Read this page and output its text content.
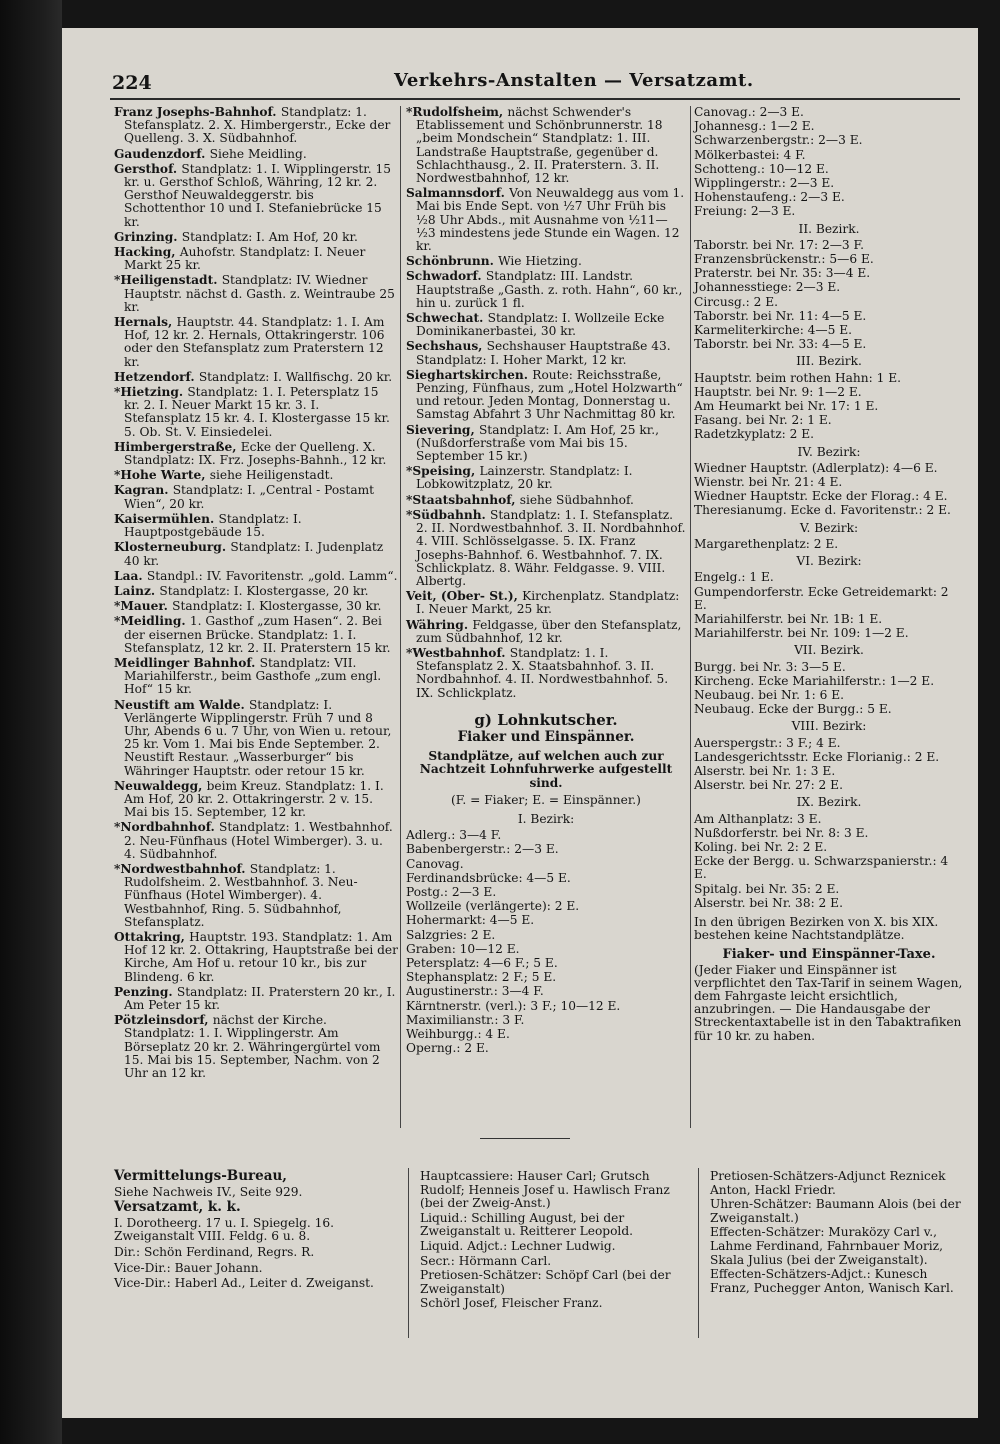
224	Verkehrs-Anstalten — Versatzamt.
Franz Josephs-Bahnhof. Standplatz: 1. Stefansplatz. 2. X. Himbergerstr., Ecke der Quelleng. 3. X. Südbahnhof.
Gaudenzdorf. Siehe Meidling.
Gersthof. Standplatz: 1. I. Wipplingerstr. 15 kr. u. Gersthof Schloß, Währing, 12 kr. 2. Gersthof Neuwaldeggerstr. bis Schottenthor 10 und I. Stefaniebrücke 15 kr.
Grinzing. Standplatz: I. Am Hof, 20 kr.
Hacking, Auhofstr. Standplatz: I. Neuer Markt 25 kr.
*Heiligenstadt. Standplatz: IV. Wiedner Hauptstr. nächst d. Gasth. z. Weintraube 25 kr.
Hernals, Hauptstr. 44. Standplatz: 1. I. Am Hof, 12 kr. 2. Hernals, Ottakringerstr. 106 oder den Stefansplatz zum Praterstern 12 kr.
Hetzendorf. Standplatz: I. Wallfischg. 20 kr.
*Hietzing. Standplatz: 1. I. Petersplatz 15 kr. 2. I. Neuer Markt 15 kr. 3. I. Stefansplatz 15 kr. 4. I. Klostergasse 15 kr. 5. Ob. St. V. Einsiedelei.
Himbergerstraße, Ecke der Quelleng. X. Standplatz: IX. Frz. Josephs-Bahnh., 12 kr.
*Hohe Warte, siehe Heiligenstadt.
Kagran. Standplatz: I. „Central - Postamt Wien“, 20 kr.
Kaisermühlen. Standplatz: I. Hauptpostgebäude 15.
Klosterneuburg. Standplatz: I. Judenplatz 40 kr.
Laa. Standpl.: IV. Favoritenstr. „gold. Lamm“.
Lainz. Standplatz: I. Klostergasse, 20 kr.
*Mauer. Standplatz: I. Klostergasse, 30 kr.
*Meidling. 1. Gasthof „zum Hasen“. 2. Bei der eisernen Brücke. Standplatz: 1. I. Stefansplatz, 12 kr. 2. II. Praterstern 15 kr.
Meidlinger Bahnhof. Standplatz: VII. Mariahilferstr., beim Gasthofe „zum engl. Hof“ 15 kr.
Neustift am Walde. Standplatz: I. Verlängerte Wipplingerstr. Früh 7 und 8 Uhr, Abends 6 u. 7 Uhr, von Wien u. retour, 25 kr. Vom 1. Mai bis Ende September. 2. Neustift Restaur. „Wasserburger“ bis Währinger Hauptstr. oder retour 15 kr.
Neuwaldegg, beim Kreuz. Standplatz: 1. I. Am Hof, 20 kr. 2. Ottakringerstr. 2 v. 15. Mai bis 15. September, 12 kr.
*Nordbahnhof. Standplatz: 1. Westbahnhof. 2. Neu-Fünfhaus (Hotel Wimberger). 3. u. 4. Südbahnhof.
*Nordwestbahnhof. Standplatz: 1. Rudolfsheim. 2. Westbahnhof. 3. Neu-Fünfhaus (Hotel Wimberger). 4. Westbahnhof, Ring. 5. Südbahnhof, Stefansplatz.
Ottakring, Hauptstr. 193. Standplatz: 1. Am Hof 12 kr. 2. Ottakring, Hauptstraße bei der Kirche, Am Hof u. retour 10 kr., bis zur Blindeng. 6 kr.
Penzing. Standplatz: II. Praterstern 20 kr., I. Am Peter 15 kr.
Pötzleinsdorf, nächst der Kirche. Standplatz: 1. I. Wipplingerstr. Am Börseplatz 20 kr. 2. Währingergürtel vom 15. Mai bis 15. September, Nachm. von 2 Uhr an 12 kr.
*Rudolfsheim, nächst Schwender's Etablissement und Schönbrunnerstr. 18 „beim Mondschein“ Standplatz: 1. III. Landstraße Hauptstraße, gegenüber d. Schlachthausg., 2. II. Praterstern. 3. II. Nordwestbahnhof, 12 kr.
Salmannsdorf. Von Neuwaldegg aus vom 1. Mai bis Ende Sept. von ½7 Uhr Früh bis ½8 Uhr Abds., mit Ausnahme von ½11—½3 mindestens jede Stunde ein Wagen. 12 kr.
Schönbrunn. Wie Hietzing.
Schwadorf. Standplatz: III. Landstr. Hauptstraße „Gasth. z. roth. Hahn“, 60 kr., hin u. zurück 1 fl.
Schwechat. Standplatz: I. Wollzeile Ecke Dominikanerbastei, 30 kr.
Sechshaus, Sechshauser Hauptstraße 43. Standplatz: I. Hoher Markt, 12 kr.
Sieghartskirchen. Route: Reichsstraße, Penzing, Fünfhaus, zum „Hotel Holzwarth“ und retour. Jeden Montag, Donnerstag u. Samstag Abfahrt 3 Uhr Nachmittag 80 kr.
Sievering, Standplatz: I. Am Hof, 25 kr., (Nußdorferstraße vom Mai bis 15. September 15 kr.)
*Speising, Lainzerstr. Standplatz: I. Lobkowitzplatz, 20 kr.
*Staatsbahnhof, siehe Südbahnhof.
*Südbahnh. Standplatz: 1. I. Stefansplatz. 2. II. Nordwestbahnhof. 3. II. Nordbahnhof. 4. VIII. Schlösselgasse. 5. IX. Franz Josephs-Bahnhof. 6. Westbahnhof. 7. IX. Schlickplatz. 8. Währ. Feldgasse. 9. VIII. Albertg.
Veit, (Ober- St.), Kirchenplatz. Standplatz: I. Neuer Markt, 25 kr.
Währing. Feldgasse, über den Stefansplatz, zum Südbahnhof, 12 kr.
*Westbahnhof. Standplatz: 1. I. Stefansplatz 2. X. Staatsbahnhof. 3. II. Nordbahnhof. 4. II. Nordwestbahnhof. 5. IX. Schlickplatz.
g) Lohnkutscher.
Fiaker und Einspänner.
Standplätze, auf welchen auch zur Nachtzeit Lohnfuhrwerke aufgestellt sind.
(F. = Fiaker; E. = Einspänner.)
I. Bezirk:
Adlerg.: 3—4 F.
Babenbergerstr.: 2—3 E.
Canovag.
Ferdinandsbrücke: 4—5 E.
Postg.: 2—3 E.
Wollzeile (verlängerte): 2 E.
Hohermarkt: 4—5 E.
Salzgries: 2 E.
Graben: 10—12 E.
Petersplatz: 4—6 F.; 5 E.
Stephansplatz: 2 F.; 5 E.
Augustinerstr.: 3—4 F.
Kärntnerstr. (verl.): 3 F.; 10—12 E.
Maximilianstr.: 3 F.
Weihburgg.: 4 E.
Operng.: 2 E.
Canovag.: 2—3 E.
Johannesg.: 1—2 E.
Schwarzenbergstr.: 2—3 E.
Mölkerbastei: 4 F.
Schotteng.: 10—12 E.
Wipplingerstr.: 2—3 E.
Hohenstaufeng.: 2—3 E.
Freiung: 2—3 E.
II. Bezirk.
Taborstr. bei Nr. 17: 2—3 F.
Franzensbrückenstr.: 5—6 E.
Praterstr. bei Nr. 35: 3—4 E.
Johannesstiege: 2—3 E.
Circusg.: 2 E.
Taborstr. bei Nr. 11: 4—5 E.
Karmeliterkirche: 4—5 E.
Taborstr. bei Nr. 33: 4—5 E.
III. Bezirk.
Hauptstr. beim rothen Hahn: 1 E.
Hauptstr. bei Nr. 9: 1—2 E.
Am Heumarkt bei Nr. 17: 1 E.
Fasang. bei Nr. 2: 1 E.
Radetzkyplatz: 2 E.
IV. Bezirk:
Wiedner Hauptstr. (Adlerplatz): 4—6 E.
Wienstr. bei Nr. 21: 4 E.
Wiedner Hauptstr. Ecke der Florag.: 4 E.
Theresianumg. Ecke d. Favoritenstr.: 2 E.
V. Bezirk:
Margarethenplatz: 2 E.
VI. Bezirk:
Engelg.: 1 E.
Gumpendorferstr. Ecke Getreidemarkt: 2 E.
Mariahilferstr. bei Nr. 1B: 1 E.
Mariahilferstr. bei Nr. 109: 1—2 E.
VII. Bezirk.
Burgg. bei Nr. 3: 3—5 E.
Kircheng. Ecke Mariahilferstr.: 1—2 E.
Neubaug. bei Nr. 1: 6 E.
Neubaug. Ecke der Burgg.: 5 E.
VIII. Bezirk:
Auerspergstr.: 3 F.; 4 E.
Landesgerichtsstr. Ecke Florianig.: 2 E.
Alserstr. bei Nr. 1: 3 E.
Alserstr. bei Nr. 27: 2 E.
IX. Bezirk.
Am Althanplatz: 3 E.
Nußdorferstr. bei Nr. 8: 3 E.
Koling. bei Nr. 2: 2 E.
Ecke der Bergg. u. Schwarzspanierstr.: 4 E.
Spitalg. bei Nr. 35: 2 E.
Alserstr. bei Nr. 38: 2 E.
In den übrigen Bezirken von X. bis XIX. bestehen keine Nachtstandplätze.
Fiaker- und Einspänner-Taxe.
(Jeder Fiaker und Einspänner ist verpflichtet den Tax-Tarif in seinem Wagen, dem Fahrgaste leicht ersichtlich, anzubringen. — Die Handausgabe der Streckentaxtabelle ist in den Tabaktrafiken für 10 kr. zu haben.
Vermittelungs-Bureau,
Siehe Nachweis IV., Seite 929.
Versatzamt, k. k.
I. Dorotheerg. 17 u. I. Spiegelg. 16. Zweiganstalt VIII. Feldg. 6 u. 8.
Dir.: Schön Ferdinand, Regrs. R.
Vice-Dir.: Bauer Johann.
Vice-Dir.: Haberl Ad., Leiter d. Zweiganst.
Hauptcassiere: Hauser Carl; Grutsch Rudolf; Henneis Josef u. Hawlisch Franz (bei der Zweig-Anst.)
Liquid.: Schilling August, bei der Zweiganstalt u. Reitterer Leopold.
Liquid. Adjct.: Lechner Ludwig.
Secr.: Hörmann Carl.
Pretiosen-Schätzer: Schöpf Carl (bei der Zweiganstalt)
Schörl Josef, Fleischer Franz.
Pretiosen-Schätzers-Adjunct Reznicek Anton, Hackl Friedr.
Uhren-Schätzer: Baumann Alois (bei der Zweiganstalt.)
Effecten-Schätzer: Muraközy Carl v., Lahme Ferdinand, Fahrnbauer Moriz, Skala Julius (bei der Zweiganstalt).
Effecten-Schätzers-Adjct.: Kunesch Franz, Puchegger Anton, Wanisch Karl.
